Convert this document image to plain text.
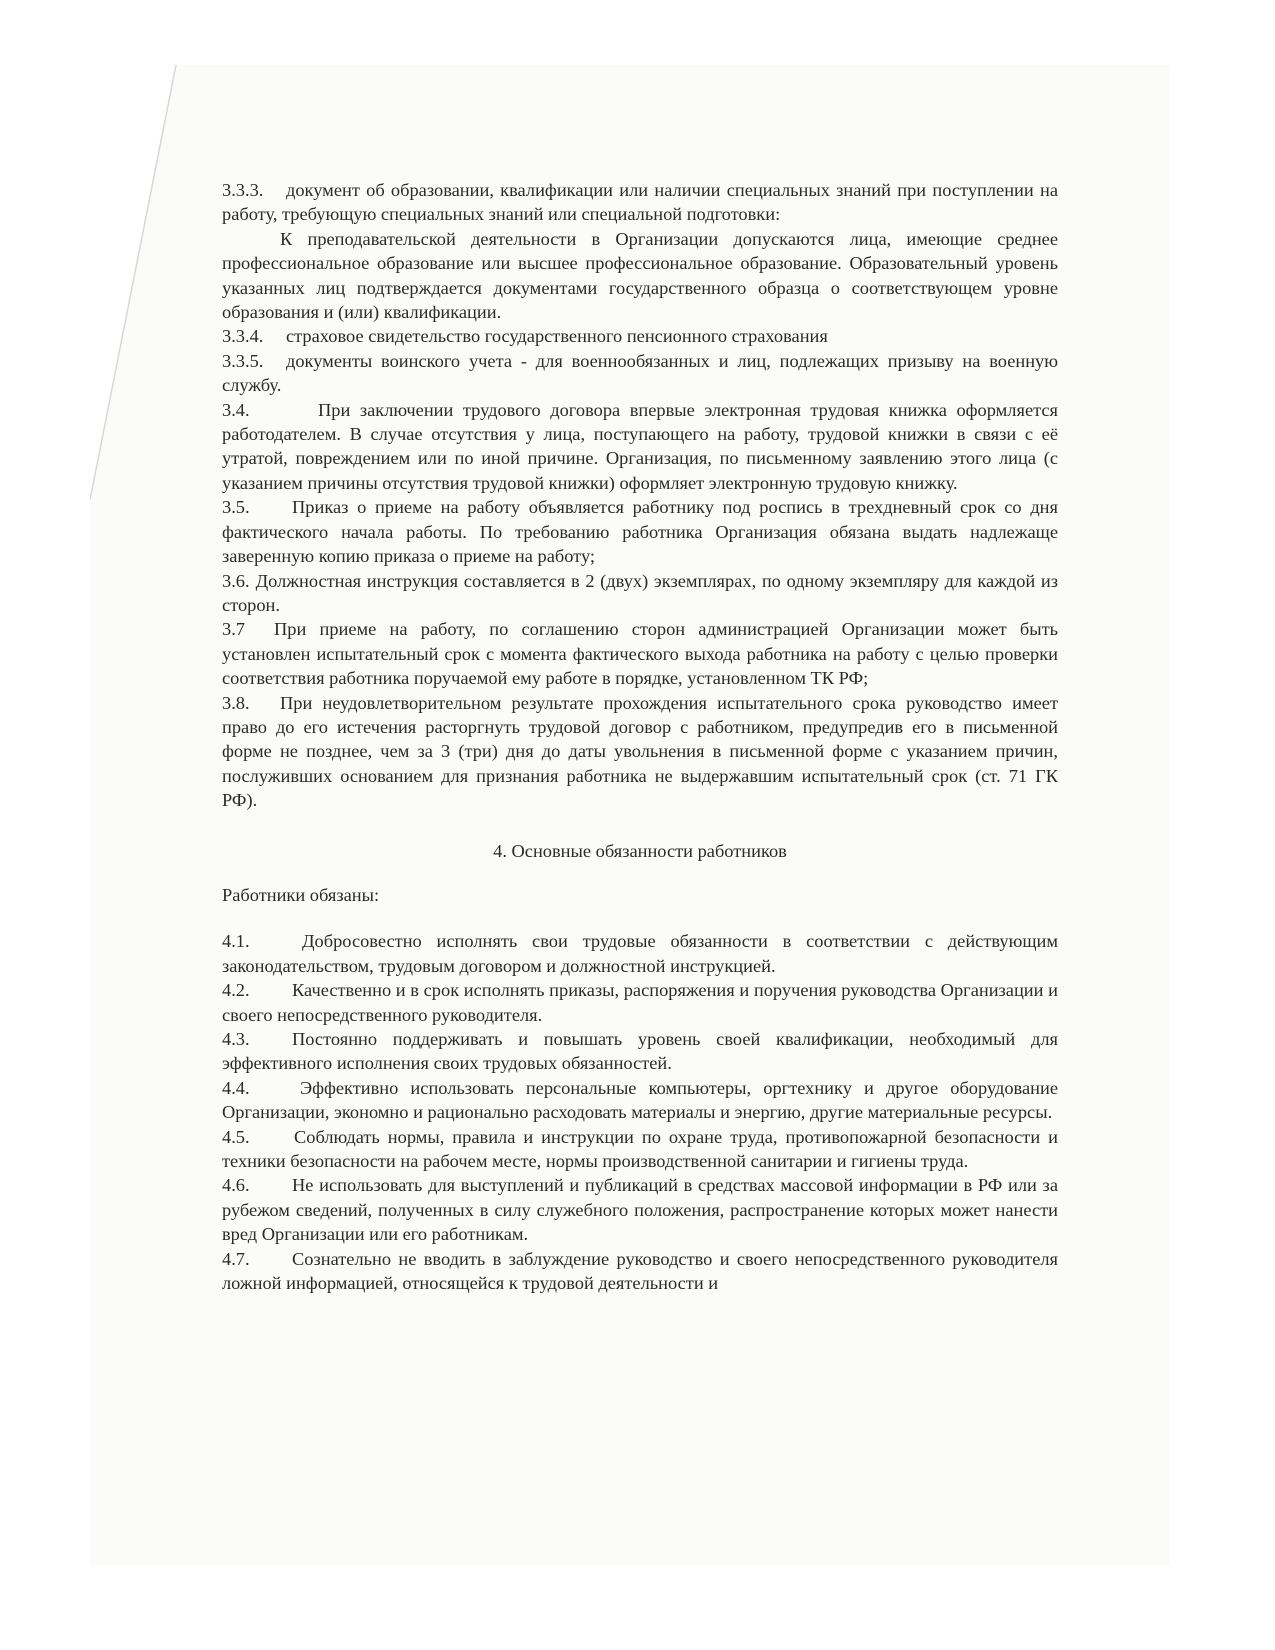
3.3.3. документ об образовании, квалификации или наличии специальных знаний при поступлении на работу, требующую специальных знаний или специальной подготовки:

К преподавательской деятельности в Организации допускаются лица, имеющие среднее профессиональное образование или высшее профессиональное образование. Образовательный уровень указанных лиц подтверждается документами государственного образца о соответствующем уровне образования и (или) квалификации.

3.3.4. страховое свидетельство государственного пенсионного страхования

3.3.5. документы воинского учета - для военнообязанных и лиц, подлежащих призыву на военную службу.

3.4.	При заключении трудового договора впервые электронная трудовая книжка оформляется работодателем. В случае отсутствия у лица, поступающего на работу, трудовой книжки в связи с её утратой, повреждением или по иной причине. Организация, по письменному заявлению этого лица (с указанием причины отсутствия трудовой книжки) оформляет электронную трудовую книжку.

3.5. Приказ о приеме на работу объявляется работнику под роспись в трехдневный срок со дня фактического начала работы. По требованию работника Организация обязана выдать надлежаще заверенную копию приказа о приеме на работу;

3.6. Должностная инструкция составляется в 2 (двух) экземплярах, по одному экземпляру для каждой из сторон.

3.7 При приеме на работу, по соглашению сторон администрацией Организации может быть установлен испытательный срок с момента фактического выхода работника на работу с целью проверки соответствия работника поручаемой ему работе в порядке, установленном ТК РФ;

3.8. При неудовлетворительном результате прохождения испытательного срока руководство имеет право до его истечения расторгнуть трудовой договор с работником, предупредив его в письменной форме не позднее, чем за 3 (три) дня до даты увольнения в письменной форме с указанием причин, послуживших основанием для признания работника не выдержавшим испытательный срок (ст. 71 ГК РФ).

4. Основные обязанности работников

Работники обязаны:

4.1.	Добросовестно исполнять свои трудовые обязанности в соответствии с действующим законодательством, трудовым договором и должностной инструкцией.

4.2. Качественно и в срок исполнять приказы, распоряжения и поручения руководства Организации и своего непосредственного руководителя.

4.3. Постоянно поддерживать и повышать уровень своей квалификации, необходимый для эффективного исполнения своих трудовых обязанностей.

4.4.	Эффективно использовать персональные компьютеры, оргтехнику и другое оборудование Организации, экономно и рационально расходовать материалы и энергию, другие материальные ресурсы.

4.5. Соблюдать нормы, правила и инструкции по охране труда, противопожарной безопасности и техники безопасности на рабочем месте, нормы производственной санитарии и гигиены труда.

4.6. Не использовать для выступлений и публикаций в средствах массовой информации в РФ или за рубежом сведений, полученных в силу служебного положения, распространение которых может нанести вред Организации или его работникам.

4.7. Сознательно не вводить в заблуждение руководство и своего непосредственного руководителя ложной информацией, относящейся к трудовой деятельности и
